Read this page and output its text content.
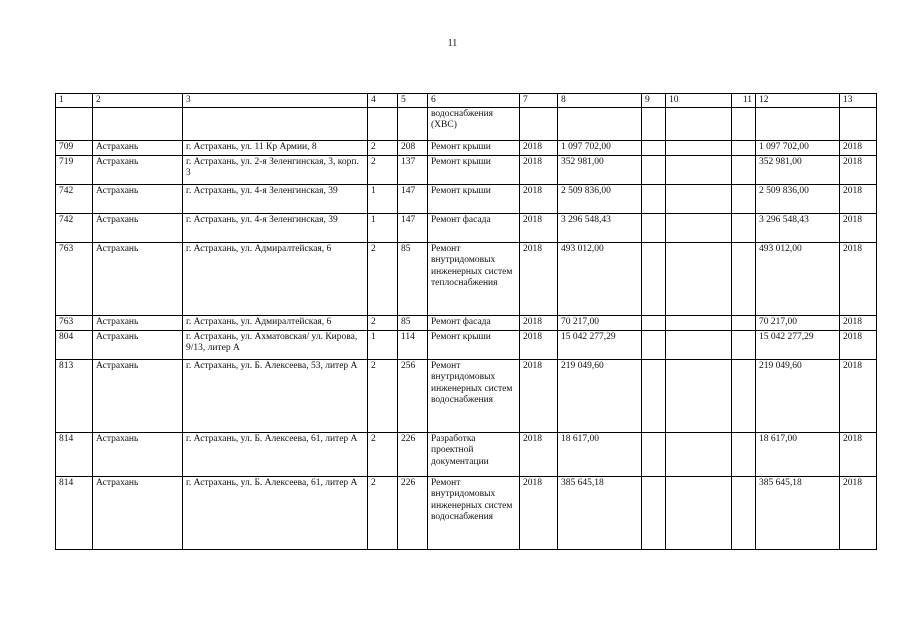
11
1	2	3	4	5	6	7	8	9	10	11	12	13
					водоснабжения (ХВС)							
709	Астрахань	г. Астрахань, ул. 11 Кр Армии, 8	2	208	Ремонт крыши	2018	1 097 702,00				1 097 702,00	2018
719	Астрахань	г. Астрахань, ул. 2-я Зеленгинская, 3, корп. 3	2	137	Ремонт крыши	2018	352 981,00				352 981,00	2018
742	Астрахань	г. Астрахань, ул. 4-я Зеленгинская, 39	1	147	Ремонт крыши	2018	2 509 836,00				2 509 836,00	2018
742	Астрахань	г. Астрахань, ул. 4-я Зеленгинская, 39	1	147	Ремонт фасада	2018	3 296 548,43				3 296 548,43	2018
763	Астрахань	г. Астрахань, ул. Адмиралтейская, 6	2	85	Ремонт внутридомовых инженерных систем теплоснабжения	2018	493 012,00				493 012,00	2018
763	Астрахань	г. Астрахань, ул. Адмиралтейская, 6	2	85	Ремонт фасада	2018	70 217,00				70 217,00	2018
804	Астрахань	г. Астрахань, ул. Ахматовская/ ул. Кирова, 9/13, литер А	1	114	Ремонт крыши	2018	15 042 277,29				15 042 277,29	2018
813	Астрахань	г. Астрахань, ул. Б. Алексеева, 53, литер А	2	256	Ремонт внутридомовых инженерных систем водоснабжения	2018	219 049,60				219 049,60	2018
814	Астрахань	г. Астрахань, ул. Б. Алексеева, 61, литер А	2	226	Разработка проектной документации	2018	18 617,00				18 617,00	2018
814	Астрахань	г. Астрахань, ул. Б. Алексеева, 61, литер А	2	226	Ремонт внутридомовых инженерных систем водоснабжения	2018	385 645,18				385 645,18	2018
